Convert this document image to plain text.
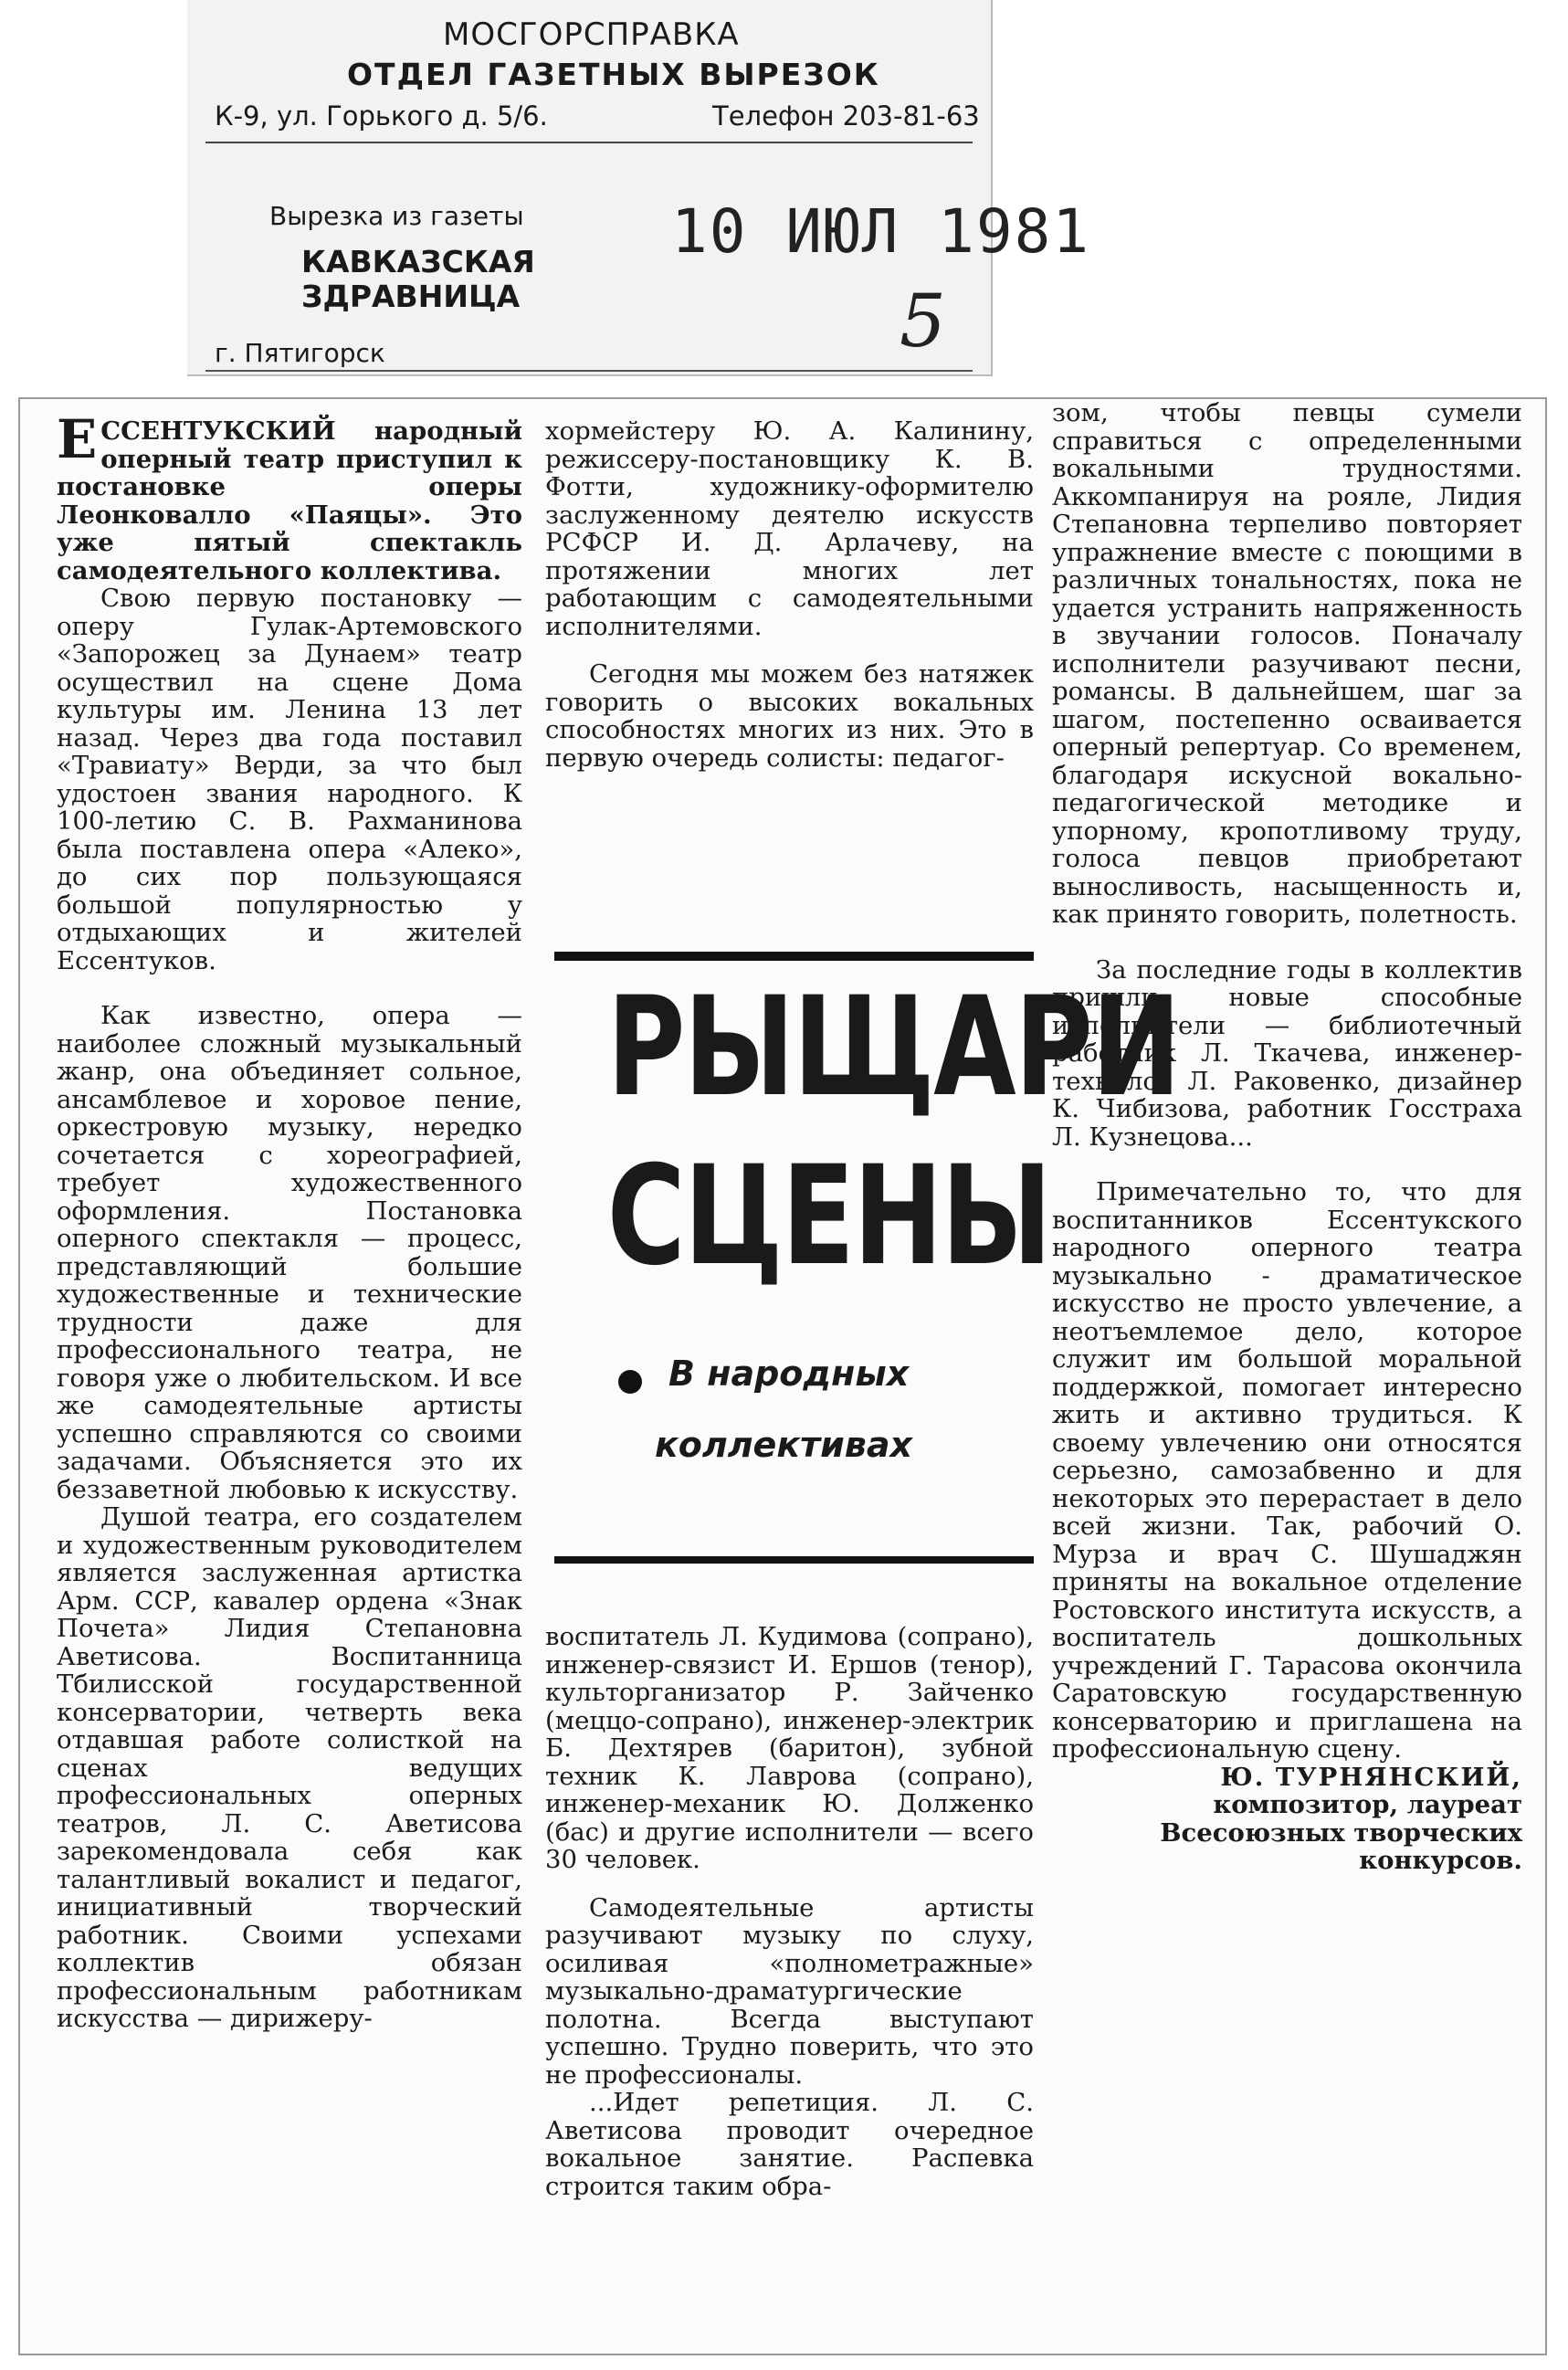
МОСГОРСПРАВКА
ОТДЕЛ ГАЗЕТНЫХ ВЫРЕЗОК
К-9, ул. Горького д. 5/6.	Телефон 203-81-63
Вырезка из газеты
КАВКАЗСКАЯ ЗДРАВНИЦА
г. Пятигорск
10 ИЮЛ 1981
5

ЕССЕНТУКСКИЙ народный оперный театр приступил к постановке оперы Леонковалло «Паяцы». Это уже пятый спектакль самодеятельного коллектива.

Свою первую постановку — оперу Гулак-Артемовского «Запорожец за Дунаем» театр осуществил на сцене Дома культуры им. Ленина 13 лет назад. Через два года поставил «Травиату» Верди, за что был удостоен звания народного. К 100-летию С. В. Рахманинова была поставлена опера «Алеко», до сих пор пользующаяся большой популярностью у отдыхающих и жителей Ессентуков.

Как известно, опера — наиболее сложный музыкальный жанр, она объединяет сольное, ансамблевое и хоровое пение, оркестровую музыку, нередко сочетается с хореографией, требует художественного оформления. Постановка оперного спектакля — процесс, представляющий большие художественные и технические трудности даже для профессионального театра, не говоря уже о любительском. И все же самодеятельные артисты успешно справляются со своими задачами. Объясняется это их беззаветной любовью к искусству.

Душой театра, его создателем и художественным руководителем является заслуженная артистка Арм. ССР, кавалер ордена «Знак Почета» Лидия Степановна Аветисова. Воспитанница Тбилисской государственной консерватории, четверть века отдавшая работе солисткой на сценах ведущих профессиональных оперных театров, Л. С. Аветисова зарекомендовала себя как талантливый вокалист и педагог, инициативный творческий работник. Своими успехами коллектив обязан профессиональным работникам искусства — дирижеру-

хормейстеру Ю. А. Калинину, режиссеру-постановщику К. В. Фотти, художнику-оформителю заслуженному деятелю искусств РСФСР И. Д. Арлачеву, на протяжении многих лет работающим с самодеятельными исполнителями.

Сегодня мы можем без натяжек говорить о высоких вокальных способностях многих из них. Это в первую очередь солисты: педагог-

РЫЩАРИ
СЦЕНЫ
В народных
коллективах

воспитатель Л. Кудимова (сопрано), инженер-связист И. Ершов (тенор), культорганизатор Р. Зайченко (меццо-сопрано), инженер-электрик Б. Дехтярев (баритон), зубной техник К. Лаврова (сопрано), инженер-механик Ю. Долженко (бас) и другие исполнители — всего 30 человек.

Самодеятельные артисты разучивают музыку по слуху, осиливая «полнометражные» музыкально-драматургические полотна. Всегда выступают успешно. Трудно поверить, что это не профессионалы.

...Идет репетиция. Л. С. Аветисова проводит очередное вокальное занятие. Распевка строится таким обра-

зом, чтобы певцы сумели справиться с определенными вокальными трудностями. Аккомпанируя на рояле, Лидия Степановна терпеливо повторяет упражнение вместе с поющими в различных тональностях, пока не удается устранить напряженность в звучании голосов. Поначалу исполнители разучивают песни, романсы. В дальнейшем, шаг за шагом, постепенно осваивается оперный репертуар. Со временем, благодаря искусной вокально-педагогической методике и упорному, кропотливому труду, голоса певцов приобретают выносливость, насыщенность и, как принято говорить, полетность.

За последние годы в коллектив пришли новые способные исполнители — библиотечный работник Л. Ткачева, инженер-технолог Л. Раковенко, дизайнер К. Чибизова, работник Госстраха Л. Кузнецова...

Примечательно то, что для воспитанников Ессентукского народного оперного театра музыкально - драматическое искусство не просто увлечение, а неотъемлемое дело, которое служит им большой моральной поддержкой, помогает интересно жить и активно трудиться. К своему увлечению они относятся серьезно, самозабвенно и для некоторых это перерастает в дело всей жизни. Так, рабочий О. Мурза и врач С. Шушаджян приняты на вокальное отделение Ростовского института искусств, а воспитатель дошкольных учреждений Г. Тарасова окончила Саратовскую государственную консерваторию и приглашена на профессиональную сцену.

Ю. ТУРНЯНСКИЙ,
композитор, лауреат Всесоюзных творческих конкурсов.
